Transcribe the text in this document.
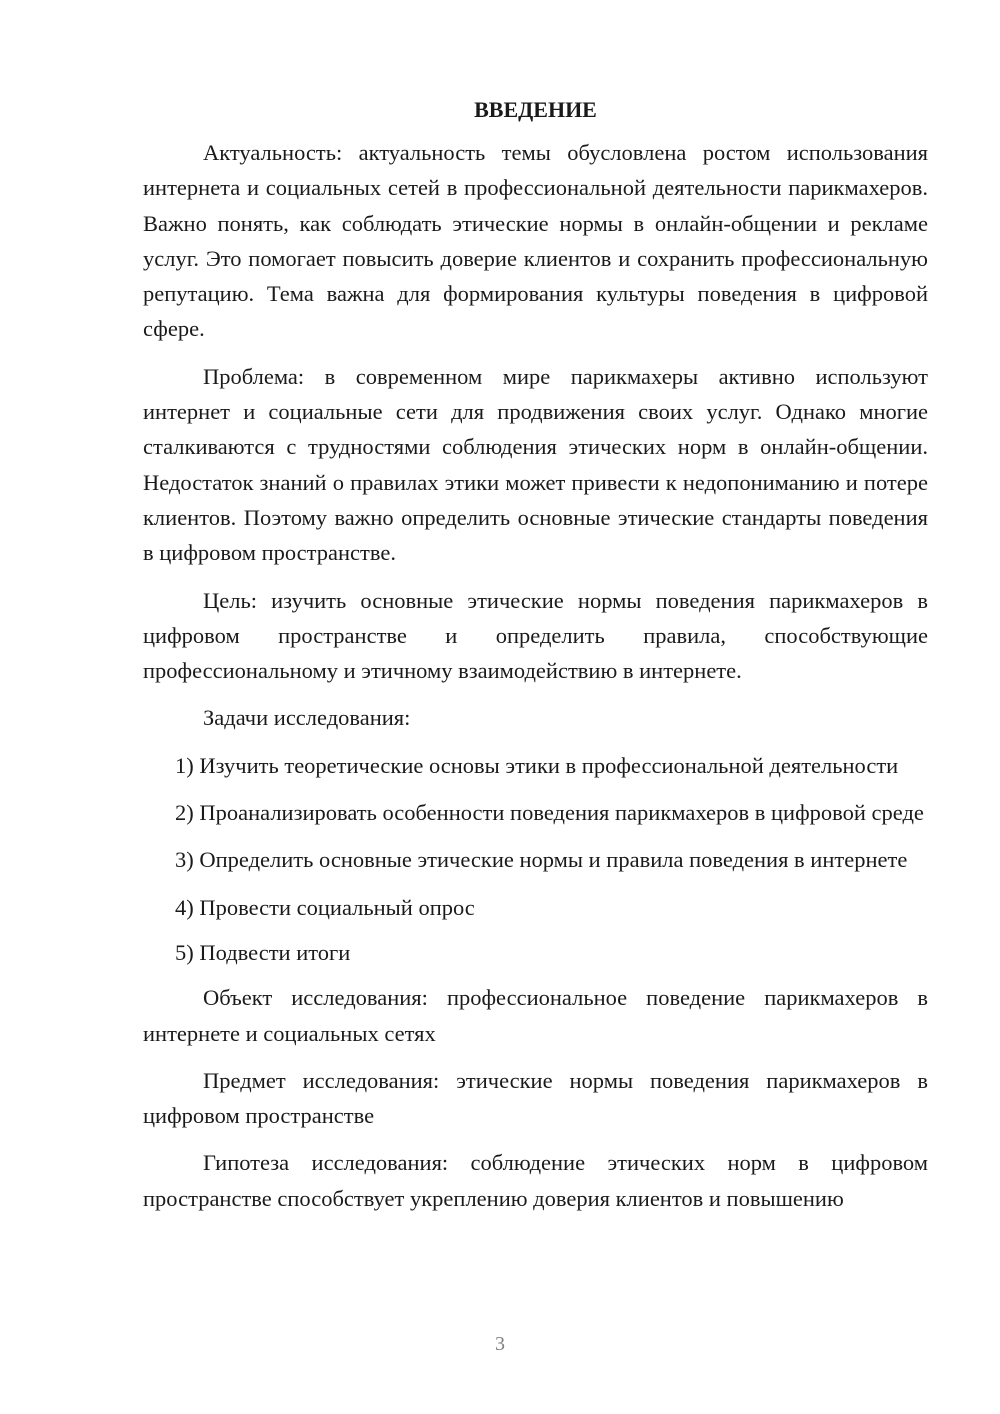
ВВЕДЕНИЕ

Актуальность: актуальность темы обусловлена ростом использования интернета и социальных сетей в профессиональной деятельности парикмахеров. Важно понять, как соблюдать этические нормы в онлайн-общении и рекламе услуг. Это помогает повысить доверие клиентов и сохранить профессиональную репутацию. Тема важна для формирования культуры поведения в цифровой сфере.

Проблема: в современном мире парикмахеры активно используют интернет и социальные сети для продвижения своих услуг. Однако многие сталкиваются с трудностями соблюдения этических норм в онлайн-общении. Недостаток знаний о правилах этики может привести к недопониманию и потере клиентов. Поэтому важно определить основные этические стандарты поведения в цифровом пространстве.

Цель: изучить основные этические нормы поведения парикмахеров в цифровом пространстве и определить правила, способствующие профессиональному и этичному взаимодействию в интернете.

Задачи исследования:

1) Изучить теоретические основы этики в профессиональной деятельности

2) Проанализировать особенности поведения парикмахеров в цифровой среде

3) Определить основные этические нормы и правила поведения в интернете

4) Провести социальный опрос

5) Подвести итоги

Объект исследования: профессиональное поведение парикмахеров в интернете и социальных сетях

Предмет исследования: этические нормы поведения парикмахеров в цифровом пространстве

Гипотеза исследования: соблюдение этических норм в цифровом пространстве способствует укреплению доверия клиентов и повышению

3
